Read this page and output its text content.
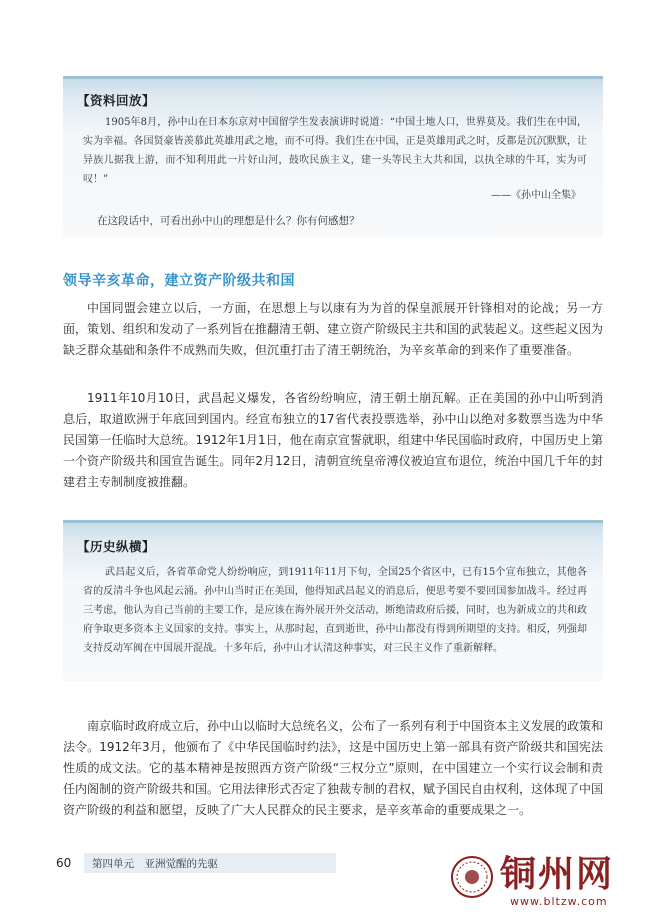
【资料回放】
1905年8月，孙中山在日本东京对中国留学生发表演讲时说道：“中国土地人口，世界莫及。我们生在中国，实为幸福。各国贤豪皆羡慕此英雄用武之地，而不可得。我们生在中国，正是英雄用武之时，反都是沉沉默默，让异族儿据我上游，而不知利用此一片好山河，鼓吹民族主义，建一头等民主大共和国，以执全球的牛耳，实为可叹！”
——《孙中山全集》
在这段话中，可看出孙中山的理想是什么？你有何感想？
领导辛亥革命，建立资产阶级共和国

中国同盟会建立以后，一方面，在思想上与以康有为为首的保皇派展开针锋相对的论战；另一方面，策划、组织和发动了一系列旨在推翻清王朝、建立资产阶级民主共和国的武装起义。这些起义因为缺乏群众基础和条件不成熟而失败，但沉重打击了清王朝统治，为辛亥革命的到来作了重要准备。

1911年10月10日，武昌起义爆发，各省纷纷响应，清王朝土崩瓦解。正在美国的孙中山听到消息后，取道欧洲于年底回到国内。经宣布独立的17省代表投票选举，孙中山以绝对多数票当选为中华民国第一任临时大总统。1912年1月1日，他在南京宣誓就职，组建中华民国临时政府，中国历史上第一个资产阶级共和国宣告诞生。同年2月12日，清朝宣统皇帝溥仪被迫宣布退位，统治中国几千年的封建君主专制制度被推翻。

【历史纵横】
武昌起义后，各省革命党人纷纷响应，到1911年11月下旬，全国25个省区中，已有15个宣布独立，其他各省的反清斗争也风起云涌。孙中山当时正在美国，他得知武昌起义的消息后，便思考要不要回国参加战斗。经过再三考虑，他认为自己当前的主要工作，是应该在海外展开外交活动，断绝清政府后援，同时，也为新成立的共和政府争取更多资本主义国家的支持。事实上，从那时起，直到逝世，孙中山都没有得到所期望的支持。相反，列强却支持反动军阀在中国展开混战。十多年后，孙中山才认清这种事实，对三民主义作了重新解释。

南京临时政府成立后，孙中山以临时大总统名义，公布了一系列有利于中国资本主义发展的政策和法令。1912年3月，他颁布了《中华民国临时约法》，这是中国历史上第一部具有资产阶级共和国宪法性质的成文法。它的基本精神是按照西方资产阶级“三权分立”原则，在中国建立一个实行议会制和责任内阁制的资产阶级共和国。它用法律形式否定了独裁专制的君权，赋予国民自由权利，这体现了中国资产阶级的利益和愿望，反映了广大人民群众的民主要求，是辛亥革命的重要成果之一。

60 第四单元　亚洲觉醒的先驱	铜州网
www.bltzw.com
